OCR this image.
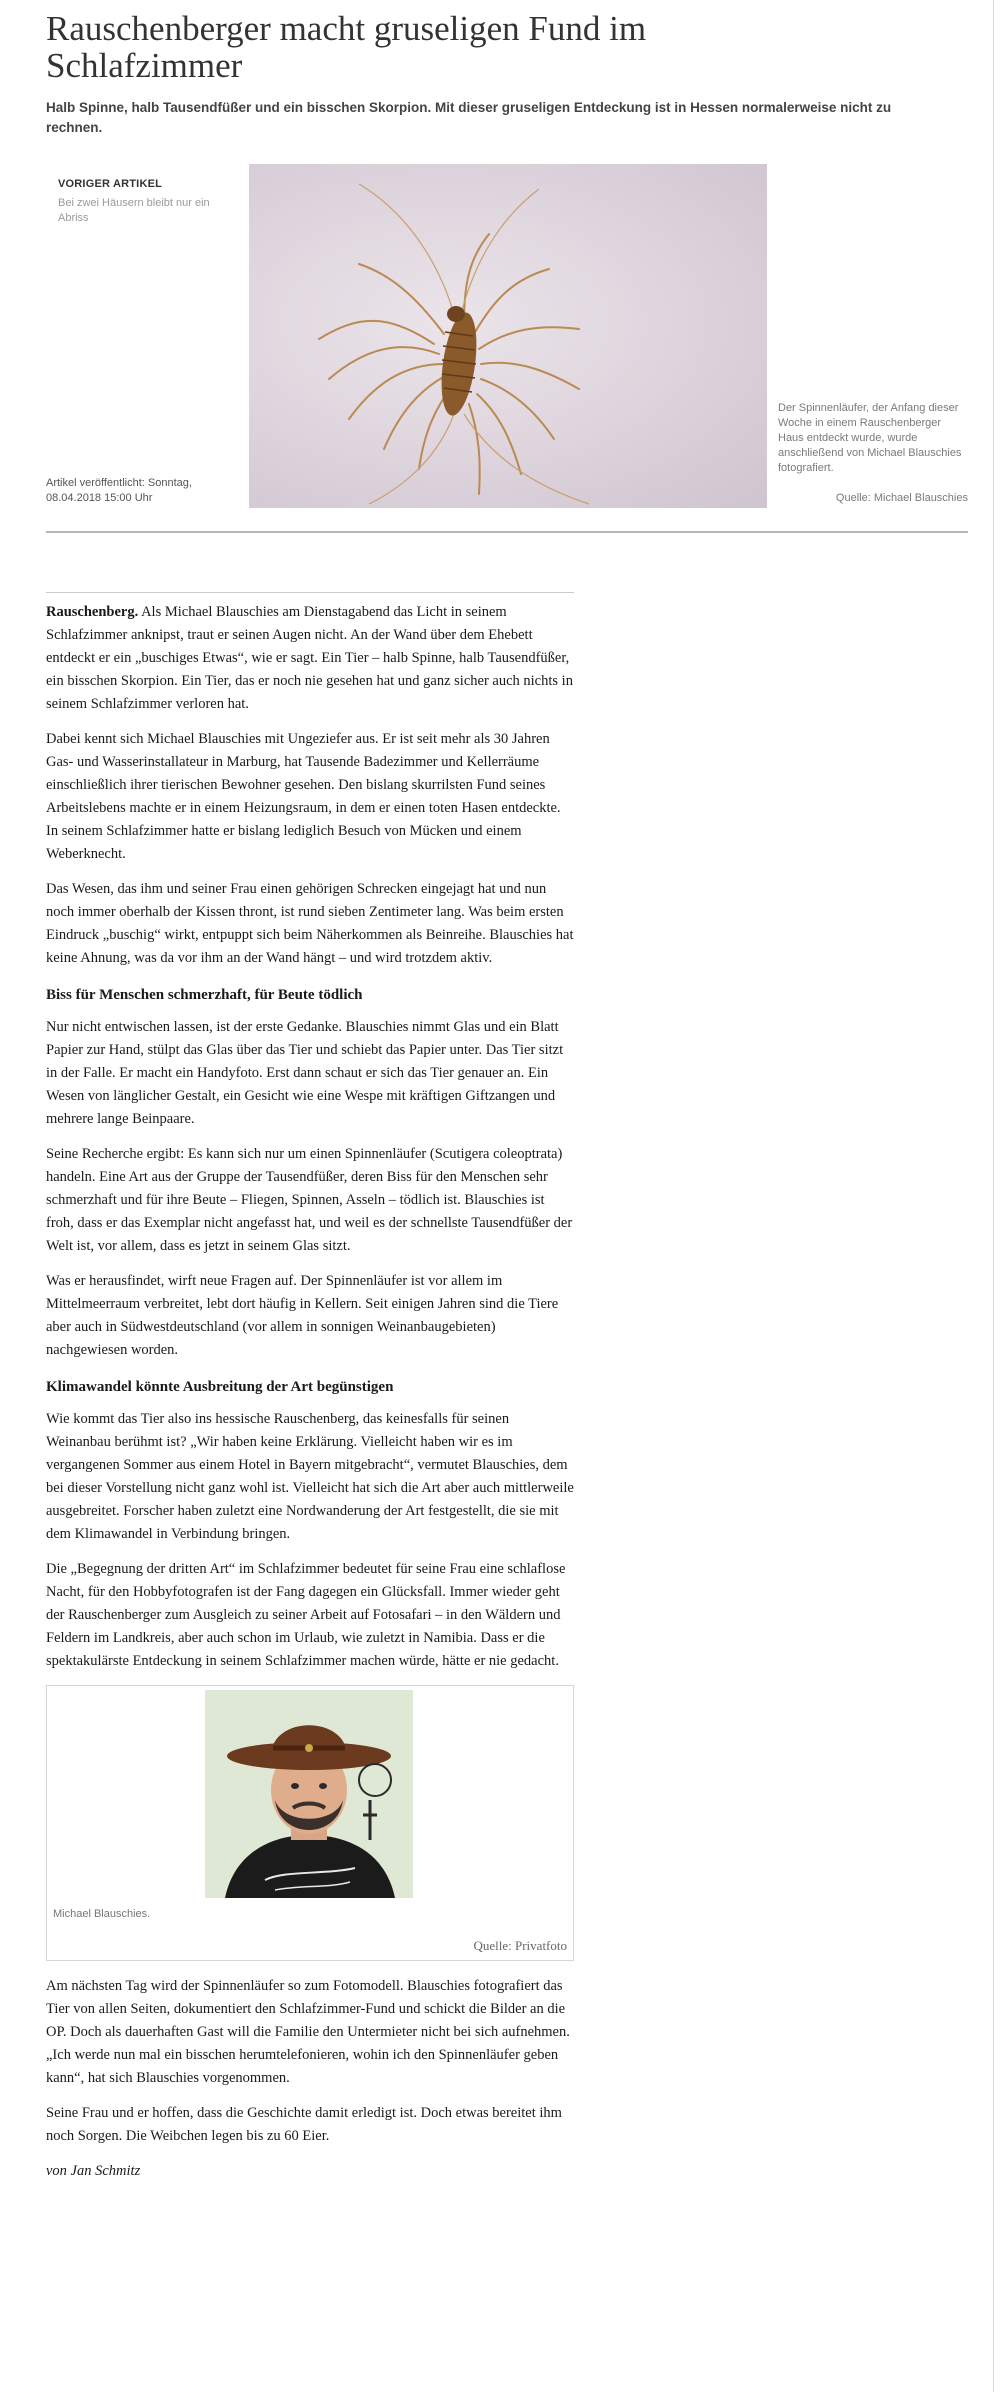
Rauschenberger macht gruseligen Fund im Schlafzimmer

Halb Spinne, halb Tausendfüßer und ein bisschen Skorpion. Mit dieser gruseligen Entdeckung ist in Hessen normalerweise nicht zu rechnen.

VORIGER ARTIKEL
Bei zwei Häusern bleibt nur ein Abriss
Artikel veröffentlicht: Sonntag, 08.04.2018 15:00 Uhr
Der Spinnenläufer, der Anfang dieser Woche in einem Rauschenberger Haus entdeckt wurde, wurde anschließend von Michael Blauschies fotografiert.
Quelle: Michael Blauschies

Rauschenberg. Als Michael Blauschies am Dienstagabend das Licht in seinem Schlafzimmer anknipst, traut er seinen Augen nicht. An der Wand über dem Ehebett entdeckt er ein „buschiges Etwas“, wie er sagt. Ein Tier – halb Spinne, halb Tausendfüßer, ein bisschen Skorpion. Ein Tier, das er noch nie gesehen hat und ganz sicher auch nichts in seinem Schlafzimmer verloren hat.

Dabei kennt sich Michael Blauschies mit Ungeziefer aus. Er ist seit mehr als 30 Jahren Gas- und Wasserinstallateur in Marburg, hat Tausende Badezimmer und Kellerräume einschließlich ihrer tierischen Bewohner gesehen. Den bislang skurrilsten Fund seines Arbeitslebens machte er in einem Heizungsraum, in dem er einen toten Hasen entdeckte. In seinem Schlafzimmer hatte er bislang lediglich Besuch von Mücken und einem Weberknecht.

Das Wesen, das ihm und seiner Frau einen gehörigen Schrecken eingejagt hat und nun noch immer oberhalb der Kissen thront, ist rund sieben Zentimeter lang. Was beim ersten Eindruck „buschig“ wirkt, entpuppt sich beim Näherkommen als Beinreihe. Blauschies hat keine Ahnung, was da vor ihm an der Wand hängt – und wird trotzdem aktiv.

Biss für Menschen schmerzhaft, für Beute tödlich

Nur nicht entwischen lassen, ist der erste Gedanke. Blauschies nimmt Glas und ein Blatt Papier zur Hand, stülpt das Glas über das Tier und schiebt das Papier unter. Das Tier sitzt in der Falle. Er macht ein Handyfoto. Erst dann schaut er sich das Tier genauer an. Ein Wesen von länglicher Gestalt, ein Gesicht wie eine Wespe mit kräftigen Giftzangen und mehrere lange Beinpaare.

Seine Recherche ergibt: Es kann sich nur um einen Spinnenläufer (Scutigera coleoptrata) handeln. Eine Art aus der Gruppe der Tausendfüßer, deren Biss für den Menschen sehr schmerzhaft und für ihre Beute – Fliegen, Spinnen, Asseln – tödlich ist. Blauschies ist froh, dass er das Exemplar nicht angefasst hat, und weil es der schnellste Tausendfüßer der Welt ist, vor allem, dass es jetzt in seinem Glas sitzt.

Was er herausfindet, wirft neue Fragen auf. Der Spinnenläufer ist vor allem im Mittelmeerraum verbreitet, lebt dort häufig in Kellern. Seit einigen Jahren sind die Tiere aber auch in Südwestdeutschland (vor allem in sonnigen Weinanbaugebieten) nachgewiesen worden.

Klimawandel könnte Ausbreitung der Art begünstigen

Wie kommt das Tier also ins hessische Rauschenberg, das keinesfalls für seinen Weinanbau berühmt ist? „Wir haben keine Erklärung. Vielleicht haben wir es im vergangenen Sommer aus einem Hotel in Bayern mitgebracht“, vermutet Blauschies, dem bei dieser Vorstellung nicht ganz wohl ist. Vielleicht hat sich die Art aber auch mittlerweile ausgebreitet. Forscher haben zuletzt eine Nordwanderung der Art festgestellt, die sie mit dem Klimawandel in Verbindung bringen.

Die „Begegnung der dritten Art“ im Schlafzimmer bedeutet für seine Frau eine schlaflose Nacht, für den Hobbyfotografen ist der Fang dagegen ein Glücksfall. Immer wieder geht der Rauschenberger zum Ausgleich zu seiner Arbeit auf Fotosafari – in den Wäldern und Feldern im Landkreis, aber auch schon im Urlaub, wie zuletzt in Namibia. Dass er die spektakulärste Entdeckung in seinem Schlafzimmer machen würde, hätte er nie gedacht.

Michael Blauschies.
Quelle: Privatfoto

Am nächsten Tag wird der Spinnenläufer so zum Fotomodell. Blauschies fotografiert das Tier von allen Seiten, dokumentiert den Schlafzimmer-Fund und schickt die Bilder an die OP. Doch als dauerhaften Gast will die Familie den Untermieter nicht bei sich aufnehmen. „Ich werde nun mal ein bisschen herumtelefonieren, wohin ich den Spinnenläufer geben kann“, hat sich Blauschies vorgenommen.

Seine Frau und er hoffen, dass die Geschichte damit erledigt ist. Doch etwas bereitet ihm noch Sorgen. Die Weibchen legen bis zu 60 Eier.

von Jan Schmitz
